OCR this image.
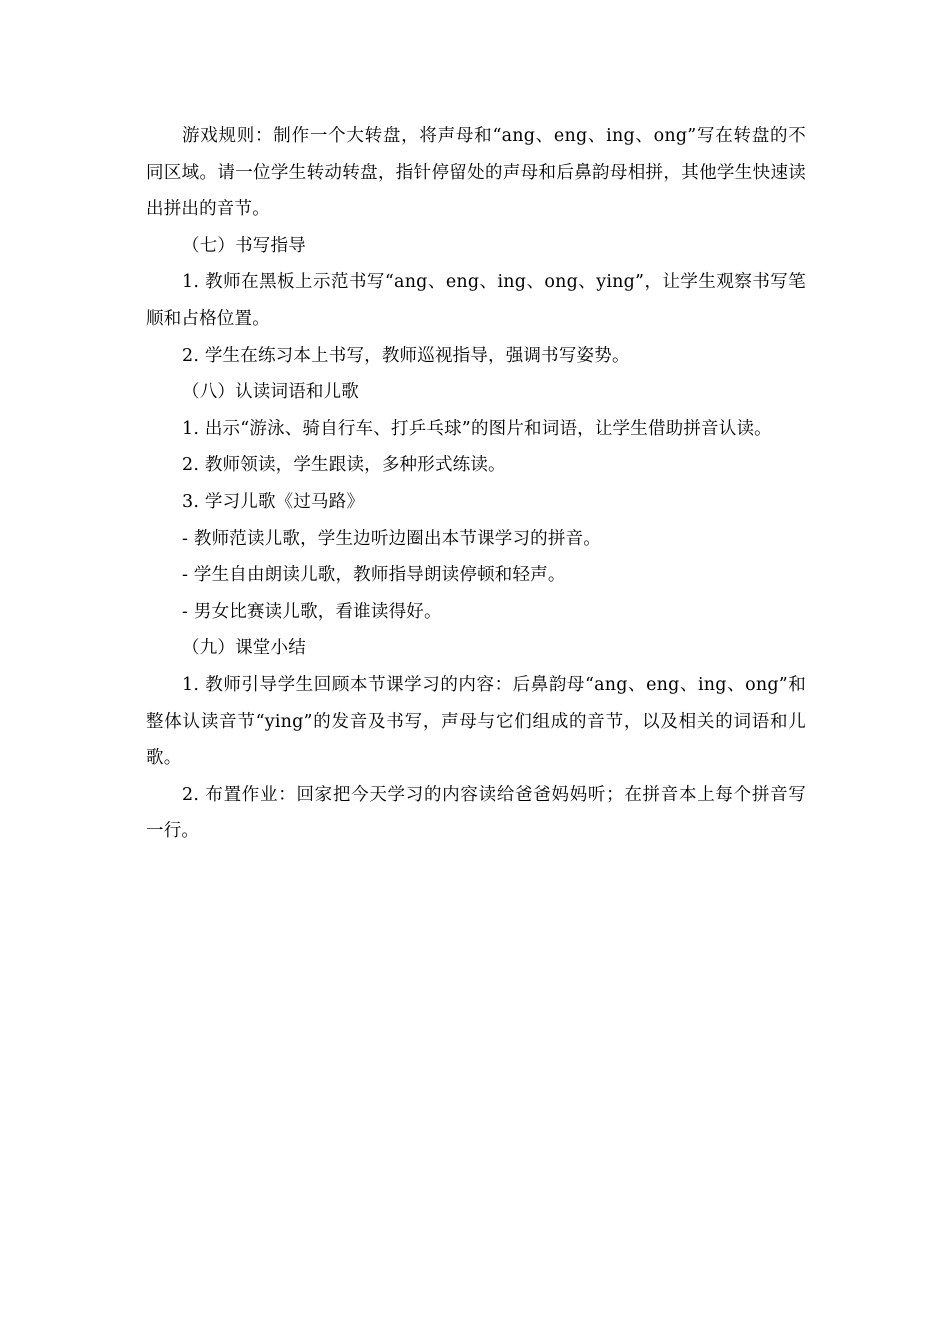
游戏规则：制作一个大转盘，将声母和“ang、eng、ing、ong”写在转盘的不同区域。请一位学生转动转盘，指针停留处的声母和后鼻韵母相拼，其他学生快速读出拼出的音节。

（七）书写指导

1. 教师在黑板上示范书写“ang、eng、ing、ong、ying”，让学生观察书写笔顺和占格位置。

2. 学生在练习本上书写，教师巡视指导，强调书写姿势。

（八）认读词语和儿歌

1. 出示“游泳、骑自行车、打乒乓球”的图片和词语，让学生借助拼音认读。

2. 教师领读，学生跟读，多种形式练读。

3. 学习儿歌《过马路》

- 教师范读儿歌，学生边听边圈出本节课学习的拼音。

- 学生自由朗读儿歌，教师指导朗读停顿和轻声。

- 男女比赛读儿歌，看谁读得好。

（九）课堂小结

1. 教师引导学生回顾本节课学习的内容：后鼻韵母“ang、eng、ing、ong”和整体认读音节“ying”的发音及书写，声母与它们组成的音节，以及相关的词语和儿歌。

2. 布置作业：回家把今天学习的内容读给爸爸妈妈听；在拼音本上每个拼音写一行。
